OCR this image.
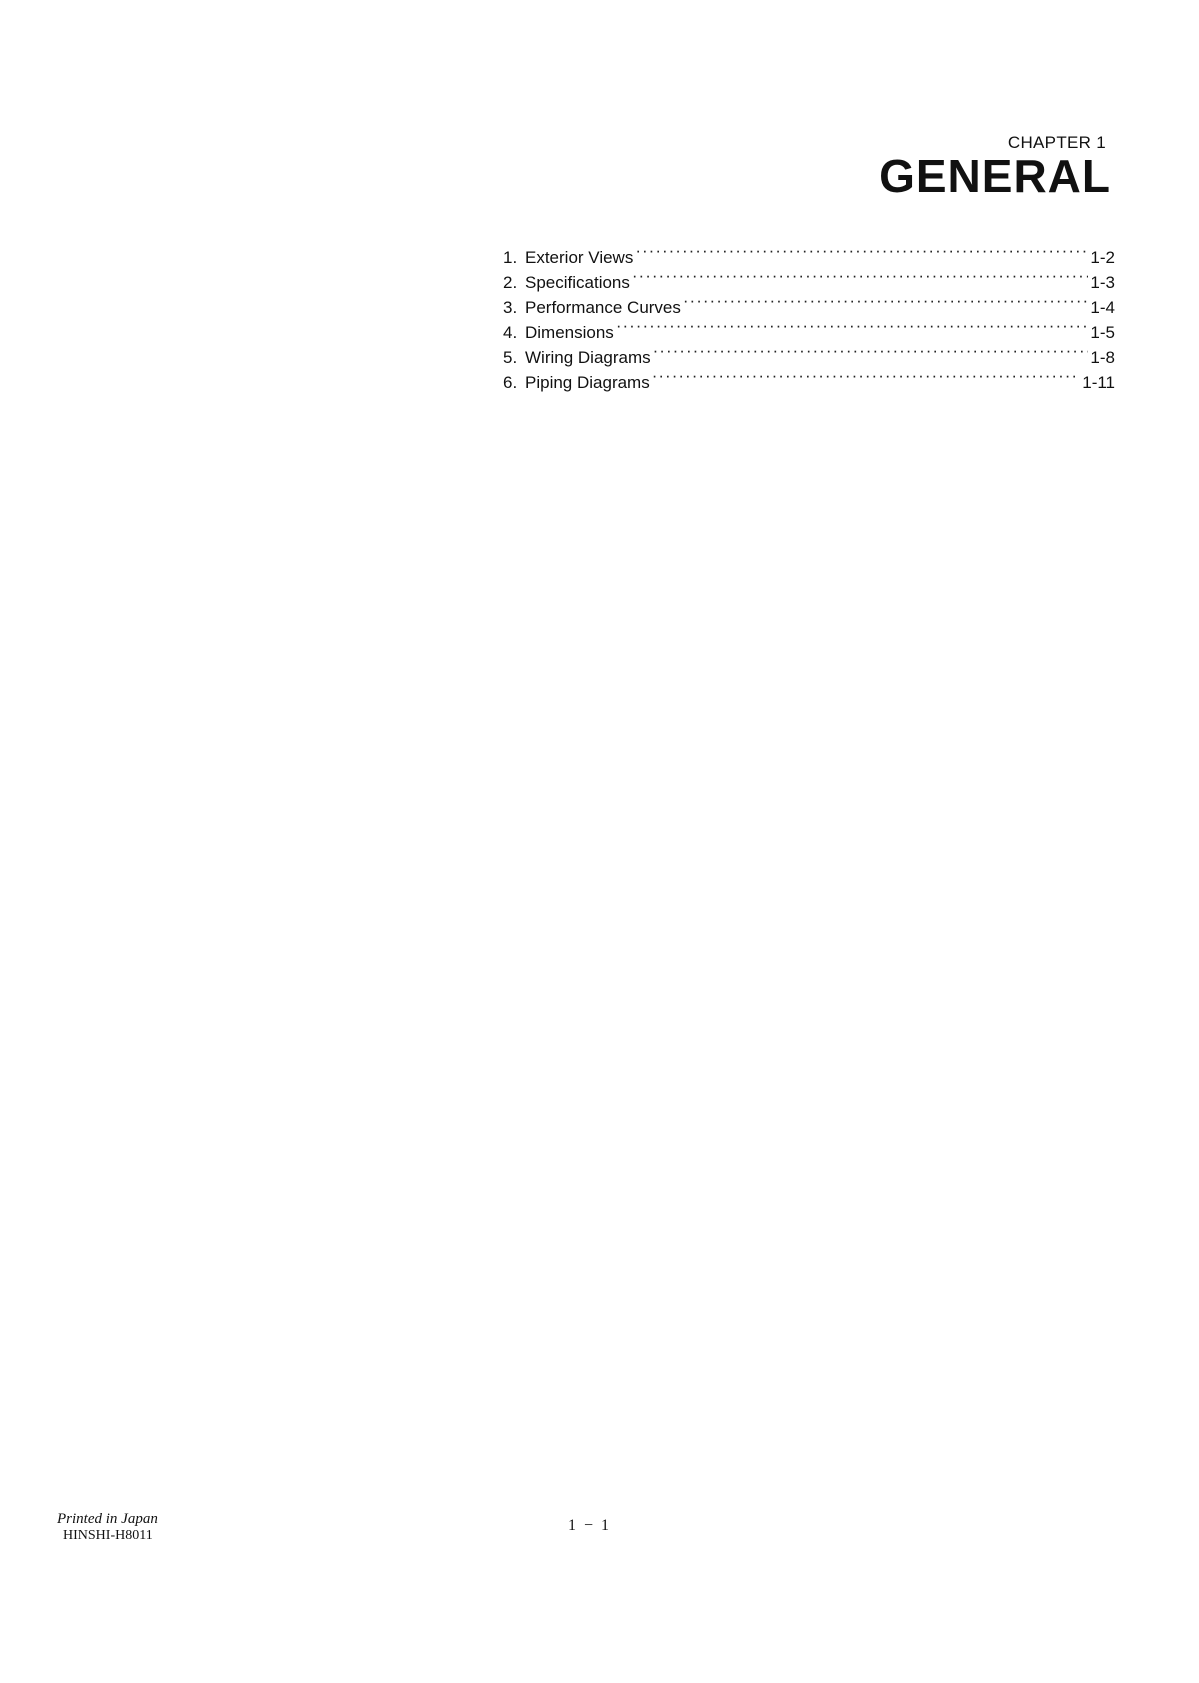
CHAPTER 1
GENERAL
1. Exterior Views ·····	1-2
2. Specifications ·····	1-3
3. Performance Curves ·····	1-4
4. Dimensions ·····	1-5
5. Wiring Diagrams ·····	1-8
6. Piping Diagrams ·····	1-11
Printed in Japan
HINSHI-H8011
1 − 1
